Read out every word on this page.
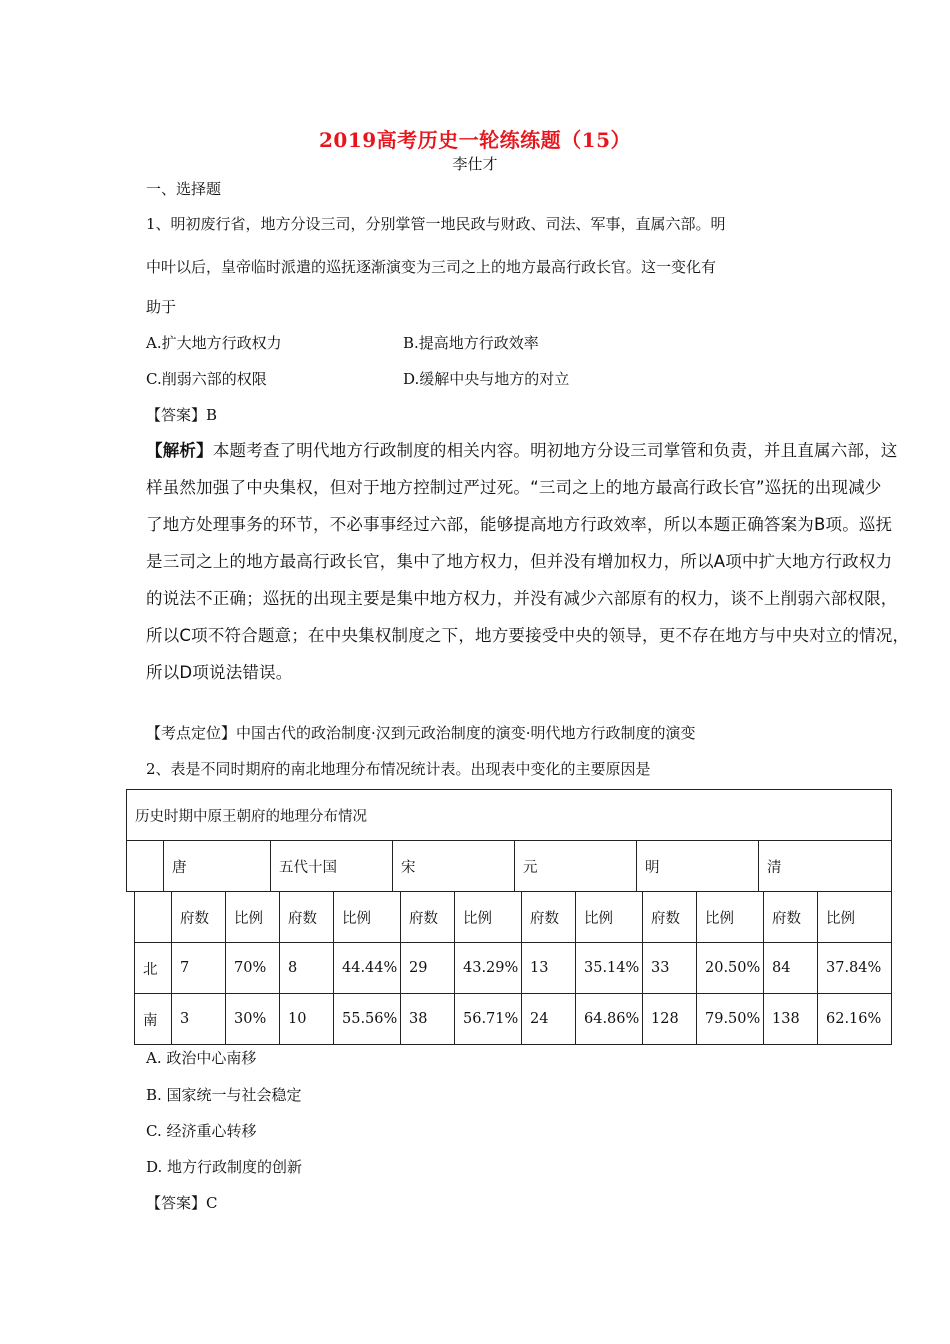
2019高考历史一轮练练题（15）
李仕才
一、选择题
1、明初废行省，地方分设三司，分别掌管一地民政与财政、司法、军事，直属六部。明
中叶以后，皇帝临时派遣的巡抚逐渐演变为三司之上的地方最高行政长官。这一变化有
助于
A.扩大地方行政权力	B.提高地方行政效率
C.削弱六部的权限	D.缓解中央与地方的对立
【答案】B
【解析】本题考查了明代地方行政制度的相关内容。明初地方分设三司掌管和负责，并且直属六部，这
样虽然加强了中央集权，但对于地方控制过严过死。“三司之上的地方最高行政长官”巡抚的出现减少
了地方处理事务的环节，不必事事经过六部，能够提高地方行政效率，所以本题正确答案为B项。巡抚
是三司之上的地方最高行政长官，集中了地方权力，但并没有增加权力，所以A项中扩大地方行政权力
的说法不正确；巡抚的出现主要是集中地方权力，并没有减少六部原有的权力，谈不上削弱六部权限，
所以C项不符合题意；在中央集权制度之下，地方要接受中央的领导，更不存在地方与中央对立的情况，
所以D项说法错误。
【考点定位】中国古代的政治制度·汉到元政治制度的演变·明代地方行政制度的演变
2、表是不同时期府的南北地理分布情况统计表。出现表中变化的主要原因是
历史时期中原王朝府的地理分布情况
	唐	五代十国	宋	元	明	清
	府数	比例	府数	比例	府数	比例	府数	比例	府数	比例	府数	比例
北	7	70%	8	44.44%	29	43.29%	13	35.14%	33	20.50%	84	37.84%
南	3	30%	10	55.56%	38	56.71%	24	64.86%	128	79.50%	138	62.16%
A. 政治中心南移
B. 国家统一与社会稳定
C. 经济重心转移
D. 地方行政制度的创新
【答案】C
